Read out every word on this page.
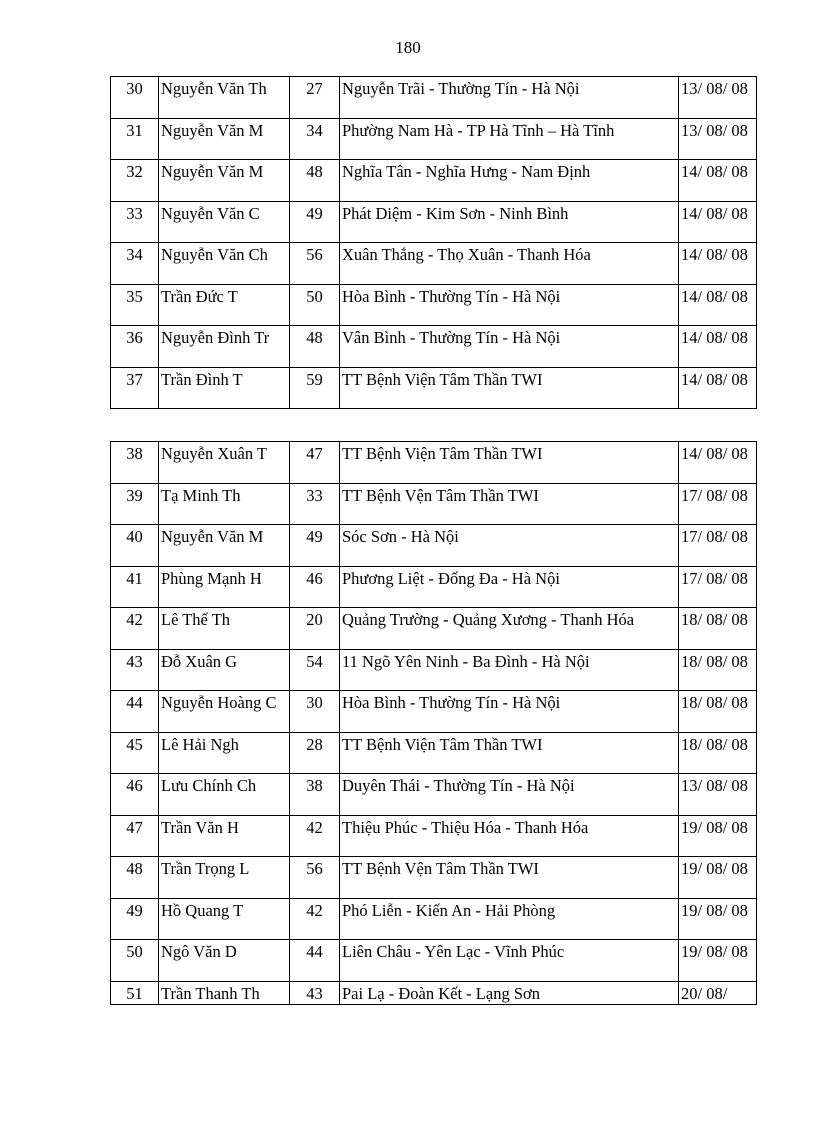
180
30	Nguyễn Văn Th	27	Nguyễn Trãi - Thường Tín - Hà Nội	13/ 08/ 08
31	Nguyễn Văn M	34	Phường Nam Hà - TP Hà Tĩnh – Hà Tĩnh	13/ 08/ 08
32	Nguyễn Văn M	48	Nghĩa Tân - Nghĩa Hưng - Nam Định	14/ 08/ 08
33	Nguyễn Văn C	49	Phát Diệm - Kim Sơn - Ninh Bình	14/ 08/ 08
34	Nguyễn Văn Ch	56	Xuân Thắng - Thọ Xuân - Thanh Hóa	14/ 08/ 08
35	Trần Đức T	50	Hòa Bình - Thường Tín - Hà Nội	14/ 08/ 08
36	Nguyễn Đình Tr	48	Vân Bình - Thường Tín - Hà Nội	14/ 08/ 08
37	Trần Đình T	59	TT Bệnh Viện Tâm Thần TWI	14/ 08/ 08
38	Nguyễn Xuân T	47	TT Bệnh Viện Tâm Thần TWI	14/ 08/ 08
39	Tạ Minh Th	33	TT Bệnh Vện Tâm Thần TWI	17/ 08/ 08
40	Nguyễn Văn M	49	Sóc Sơn - Hà Nội	17/ 08/ 08
41	Phùng Mạnh H	46	Phương Liệt - Đống Đa - Hà Nội	17/ 08/ 08
42	Lê Thế Th	20	Quảng Trường - Quảng Xương - Thanh Hóa	18/ 08/ 08
43	Đỗ Xuân G	54	11 Ngõ Yên Ninh - Ba Đình - Hà Nội	18/ 08/ 08
44	Nguyễn Hoàng C	30	Hòa Bình - Thường Tín - Hà Nội	18/ 08/ 08
45	Lê Hải Ngh	28	TT Bệnh Viện Tâm Thần TWI	18/ 08/ 08
46	Lưu Chính Ch	38	Duyên Thái - Thường Tín - Hà Nội	13/ 08/ 08
47	Trần Văn H	42	Thiệu Phúc - Thiệu Hóa - Thanh Hóa	19/ 08/ 08
48	Trần Trọng L	56	TT Bệnh Vện Tâm Thần TWI	19/ 08/ 08
49	Hồ Quang T	42	Phó Liễn - Kiến An - Hải Phòng	19/ 08/ 08
50	Ngô Văn D	44	Liên Châu - Yên Lạc - Vĩnh Phúc	19/ 08/ 08
51	Trần Thanh Th	43	Pai Lạ - Đoàn Kết - Lạng Sơn	20/ 08/
